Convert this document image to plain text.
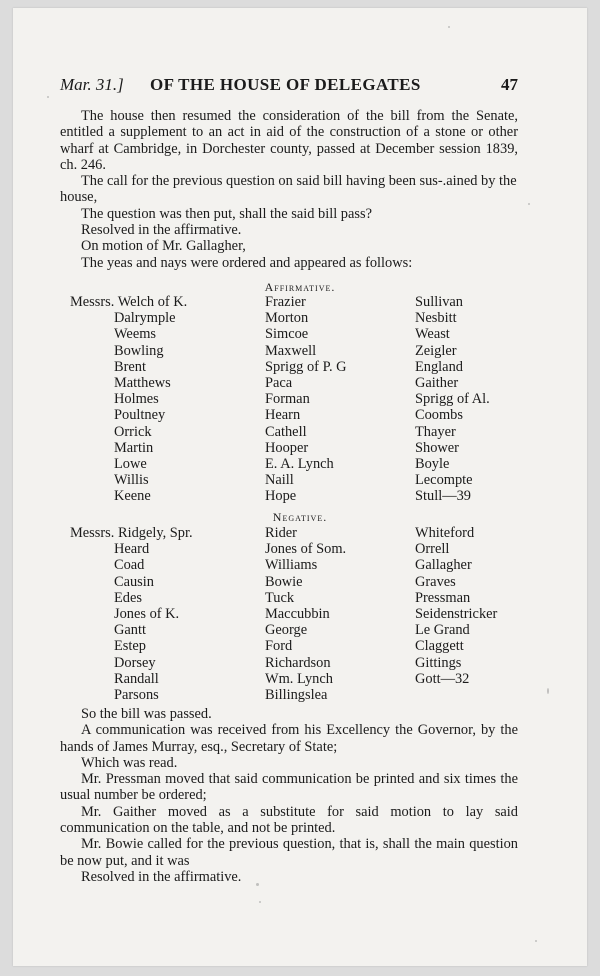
Mar. 31.] OF THE HOUSE OF DELEGATES	47

The house then resumed the consideration of the bill from the Senate, entitled a supplement to an act in aid of the construction of a stone or other wharf at Cambridge, in Dorchester county, passed at December session 1839, ch. 246.

The call for the previous question on said bill having been sus-.ained by the house,

The question was then put, shall the said bill pass?

Resolved in the affirmative.

On motion of Mr. Gallagher,

The yeas and nays were ordered and appeared as follows:

Affirmative.
Messrs. Welch of K.
Dalrymple
Weems
Bowling
Brent
Matthews
Holmes
Poultney
Orrick
Martin
Lowe
Willis
Keene
Frazier
Morton
Simcoe
Maxwell
Sprigg of P. G
Paca
Forman
Hearn
Cathell
Hooper
E. A. Lynch
Naill
Hope
Sullivan
Nesbitt
Weast
Zeigler
England
Gaither
Sprigg of Al.
Coombs
Thayer
Shower
Boyle
Lecompte
Stull—39
Negative.
Messrs. Ridgely, Spr.
Heard
Coad
Causin
Edes
Jones of K.
Gantt
Estep
Dorsey
Randall
Parsons
Rider
Jones of Som.
Williams
Bowie
Tuck
Maccubbin
George
Ford
Richardson
Wm. Lynch
Billingslea
Whiteford
Orrell
Gallagher
Graves
Pressman
Seidenstricker
Le Grand
Claggett
Gittings
Gott—32

So the bill was passed.

A communication was received from his Excellency the Governor, by the hands of James Murray, esq., Secretary of State;

Which was read.

Mr. Pressman moved that said communication be printed and six times the usual number be ordered;

Mr. Gaither moved as a substitute for said motion to lay said communication on the table, and not be printed.

Mr. Bowie called for the previous question, that is, shall the main question be now put, and it was

Resolved in the affirmative.
